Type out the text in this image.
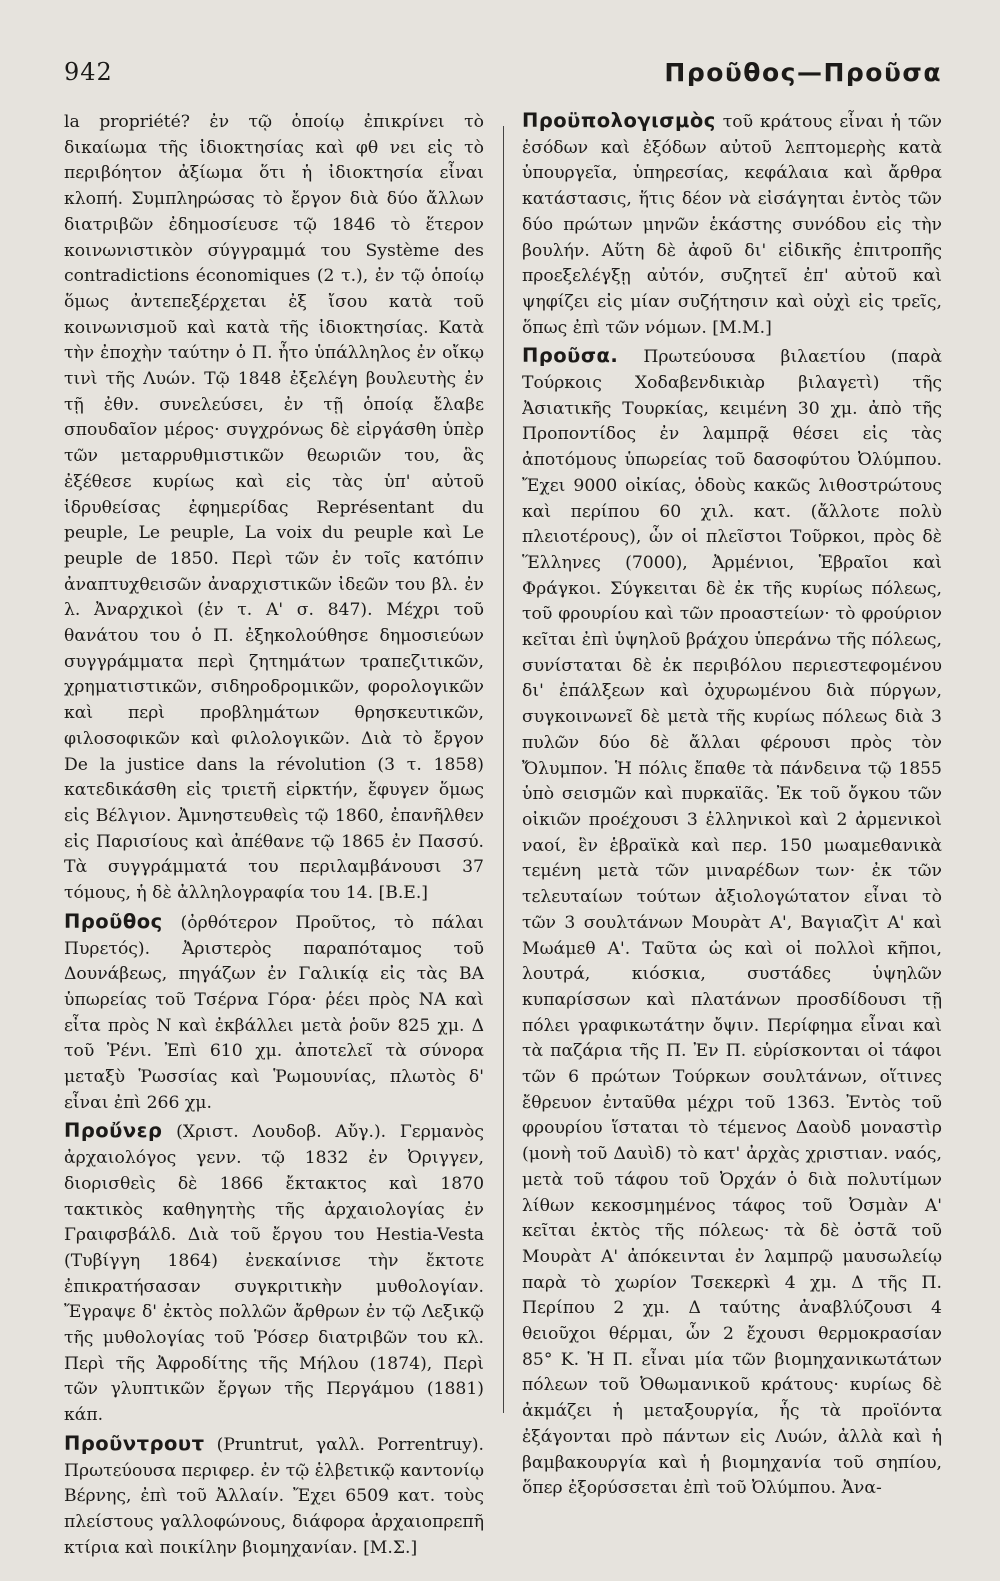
942	Προῦθος—Προῦσα

la propriété? ἐν τῷ ὁποίῳ ἐπικρίνει τὸ δικαίωμα τῆς ἰδιοκτησίας καὶ φθ νει εἰς τὸ περιβόητον ἀξίωμα ὅτι ἡ ἰδιοκτησία εἶναι κλοπή. Συμπληρώσας τὸ ἔργον διὰ δύο ἄλλων διατριβῶν ἐδημοσίευσε τῷ 1846 τὸ ἕτερον κοινωνιστικὸν σύγγραμμά του Système des contradictions économiques (2 τ.), ἐν τῷ ὁποίῳ ὅμως ἀντεπεξέρχεται ἐξ ἴσου κατὰ τοῦ κοινωνισμοῦ καὶ κατὰ τῆς ἰδιοκτησίας. Κατὰ τὴν ἐποχὴν ταύτην ὁ Π. ἦτο ὑπάλληλος ἐν οἴκῳ τινὶ τῆς Λυών. Τῷ 1848 ἐξελέγη βουλευτὴς ἐν τῇ ἐθν. συνελεύσει, ἐν τῇ ὁποίᾳ ἔλαβε σπουδαῖον μέρος· συγχρόνως δὲ εἰργάσθη ὑπὲρ τῶν μεταρρυθμιστικῶν θεωριῶν του, ἃς ἐξέθεσε κυρίως καὶ εἰς τὰς ὑπ' αὐτοῦ ἱδρυθείσας ἐφημερίδας Représentant du peuple, Le peuple, La voix du peuple καὶ Le peuple de 1850. Περὶ τῶν ἐν τοῖς κατόπιν ἀναπτυχθεισῶν ἀναρχιστικῶν ἰδεῶν του βλ. ἐν λ. Ἀναρχικοὶ (ἐν τ. Α' σ. 847). Μέχρι τοῦ θανάτου του ὁ Π. ἐξηκολούθησε δημοσιεύων συγγράμματα περὶ ζητημάτων τραπεζιτικῶν, χρηματιστικῶν, σιδηροδρομικῶν, φορολογικῶν καὶ περὶ προβλημάτων θρησκευτικῶν, φιλοσοφικῶν καὶ φιλολογικῶν. Διὰ τὸ ἔργον De la justice dans la révolution (3 τ. 1858) κατεδικάσθη εἰς τριετῆ εἱρκτήν, ἔφυγεν ὅμως εἰς Βέλγιον. Ἀμνηστευθεὶς τῷ 1860, ἐπανῆλθεν εἰς Παρισίους καὶ ἀπέθανε τῷ 1865 ἐν Πασσύ. Τὰ συγγράμματά του περιλαμβάνουσι 37 τόμους, ἡ δὲ ἀλληλογραφία του 14. [Β.Ε.]

Προῦθος (ὀρθότερον Προῦτος, τὸ πάλαι Πυρετός). Ἀριστερὸς παραπόταμος τοῦ Δουνάβεως, πηγάζων ἐν Γαλικίᾳ εἰς τὰς ΒΑ ὑπωρείας τοῦ Τσέρνα Γόρα· ῥέει πρὸς ΝΑ καὶ εἶτα πρὸς Ν καὶ ἐκβάλλει μετὰ ῥοῦν 825 χμ. Δ τοῦ Ῥένι. Ἐπὶ 610 χμ. ἀποτελεῖ τὰ σύνορα μεταξὺ Ῥωσσίας καὶ Ῥωμουνίας, πλωτὸς δ' εἶναι ἐπὶ 266 χμ.

Προὔνερ (Χριστ. Λουδοβ. Αὔγ.). Γερμανὸς ἀρχαιολόγος γενν. τῷ 1832 ἐν Ὀριγγεν, διορισθεὶς δὲ 1866 ἔκτακτος καὶ 1870 τακτικὸς καθηγητὴς τῆς ἀρχαιολογίας ἐν Γραιφσβάλδ. Διὰ τοῦ ἔργου του Hestia-Vesta (Τυβίγγη 1864) ἐνεκαίνισε τὴν ἔκτοτε ἐπικρατήσασαν συγκριτικὴν μυθολογίαν. Ἔγραψε δ' ἐκτὸς πολλῶν ἄρθρων ἐν τῷ Λεξικῷ τῆς μυθολογίας τοῦ Ῥόσερ διατριβῶν του κλ. Περὶ τῆς Ἀφροδίτης τῆς Μήλου (1874), Περὶ τῶν γλυπτικῶν ἔργων τῆς Περγάμου (1881) κάπ.

Προῦντρουτ (Pruntrut, γαλλ. Porrentruy). Πρωτεύουσα περιφερ. ἐν τῷ ἑλβετικῷ καντονίῳ Βέρνης, ἐπὶ τοῦ Ἀλλαίν. Ἔχει 6509 κατ. τοὺς πλείστους γαλλοφώνους, διάφορα ἀρχαιοπρεπῆ κτίρια καὶ ποικίλην βιομηχανίαν. [Μ.Σ.]

Προϋπολογισμὸς τοῦ κράτους εἶναι ἡ τῶν ἐσόδων καὶ ἐξόδων αὐτοῦ λεπτομερὴς κατὰ ὑπουργεῖα, ὑπηρεσίας, κεφάλαια καὶ ἄρθρα κατάστασις, ἥτις δέον νὰ εἰσάγηται ἐντὸς τῶν δύο πρώτων μηνῶν ἑκάστης συνόδου εἰς τὴν βουλήν. Αὕτη δὲ ἀφοῦ δι' εἰδικῆς ἐπιτροπῆς προεξελέγξῃ αὐτόν, συζητεῖ ἐπ' αὐτοῦ καὶ ψηφίζει εἰς μίαν συζήτησιν καὶ οὐχὶ εἰς τρεῖς, ὅπως ἐπὶ τῶν νόμων. [Μ.Μ.]

Προῦσα. Πρωτεύουσα βιλαετίου (παρὰ Τούρκοις Χοδαβενδικιὰρ βιλαγετὶ) τῆς Ἀσιατικῆς Τουρκίας, κειμένη 30 χμ. ἀπὸ τῆς Προποντίδος ἐν λαμπρᾷ θέσει εἰς τὰς ἀποτόμους ὑπωρείας τοῦ δασοφύτου Ὀλύμπου. Ἔχει 9000 οἰκίας, ὁδοὺς κακῶς λιθοστρώτους καὶ περίπου 60 χιλ. κατ. (ἄλλοτε πολὺ πλειοτέρους), ὧν οἱ πλεῖστοι Τοῦρκοι, πρὸς δὲ Ἕλληνες (7000), Ἀρμένιοι, Ἑβραῖοι καὶ Φράγκοι. Σύγκειται δὲ ἐκ τῆς κυρίως πόλεως, τοῦ φρουρίου καὶ τῶν προαστείων· τὸ φρούριον κεῖται ἐπὶ ὑψηλοῦ βράχου ὑπεράνω τῆς πόλεως, συνίσταται δὲ ἐκ περιβόλου περιεστεφομένου δι' ἐπάλξεων καὶ ὀχυρωμένου διὰ πύργων, συγκοινωνεῖ δὲ μετὰ τῆς κυρίως πόλεως διὰ 3 πυλῶν δύο δὲ ἄλλαι φέρουσι πρὸς τὸν Ὄλυμπον. Ἡ πόλις ἔπαθε τὰ πάνδεινα τῷ 1855 ὑπὸ σεισμῶν καὶ πυρκαϊᾶς. Ἐκ τοῦ ὄγκου τῶν οἰκιῶν προέχουσι 3 ἑλληνικοὶ καὶ 2 ἀρμενικοὶ ναοί, ἓν ἑβραϊκὰ καὶ περ. 150 μωαμεθανικὰ τεμένη μετὰ τῶν μιναρέδων των· ἐκ τῶν τελευταίων τούτων ἀξιολογώτατον εἶναι τὸ τῶν 3 σουλτάνων Μουρὰτ Α', Βαγιαζὶτ Α' καὶ Μωάμεθ Α'. Ταῦτα ὡς καὶ οἱ πολλοὶ κῆποι, λουτρά, κιόσκια, συστάδες ὑψηλῶν κυπαρίσσων καὶ πλατάνων προσδίδουσι τῇ πόλει γραφικωτάτην ὄψιν. Περίφημα εἶναι καὶ τὰ παζάρια τῆς Π. Ἐν Π. εὑρίσκονται οἱ τάφοι τῶν 6 πρώτων Τούρκων σουλτάνων, οἵτινες ἔθρευον ἐνταῦθα μέχρι τοῦ 1363. Ἐντὸς τοῦ φρουρίου ἵσταται τὸ τέμενος Δαοὺδ μοναστὶρ (μονὴ τοῦ Δαυὶδ) τὸ κατ' ἀρχὰς χριστιαν. ναός, μετὰ τοῦ τάφου τοῦ Ὀρχάν ὁ διὰ πολυτίμων λίθων κεκοσμημένος τάφος τοῦ Ὀσμὰν Α' κεῖται ἐκτὸς τῆς πόλεως· τὰ δὲ ὀστᾶ τοῦ Μουρὰτ Α' ἀπόκεινται ἐν λαμπρῷ μαυσωλείῳ παρὰ τὸ χωρίον Τσεκερκὶ 4 χμ. Δ τῆς Π. Περίπου 2 χμ. Δ ταύτης ἀναβλύζουσι 4 θειοῦχοι θέρμαι, ὧν 2 ἔχουσι θερμοκρασίαν 85° Κ. Ἡ Π. εἶναι μία τῶν βιομηχανικωτάτων πόλεων τοῦ Ὀθωμανικοῦ κράτους· κυρίως δὲ ἀκμάζει ἡ μεταξουργία, ἧς τὰ προϊόντα ἐξάγονται πρὸ πάντων εἰς Λυών, ἀλλὰ καὶ ἡ βαμβακουργία καὶ ἡ βιομηχανία τοῦ σηπίου, ὅπερ ἐξορύσσεται ἐπὶ τοῦ Ὀλύμπου. Ἀνα-
